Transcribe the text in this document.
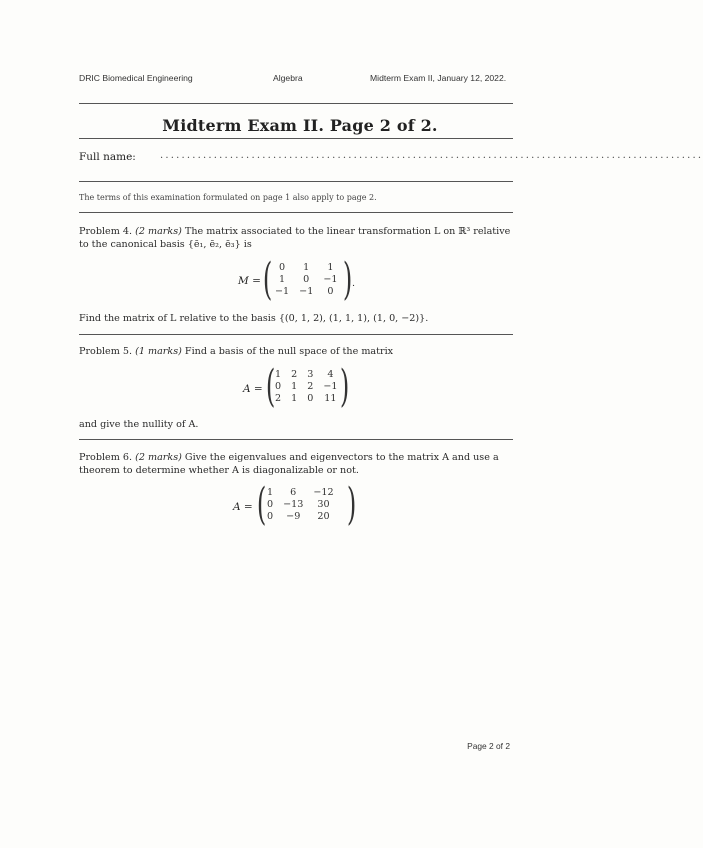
DRIC Biomedical Engineering	Algebra	Midterm Exam II, January 12, 2022.
Midterm Exam II. Page 2 of 2.
Full name: .....................................................................................................
The terms of this examination formulated on page 1 also apply to page 2.
Problem 4. (2 marks) The matrix associated to the linear transformation L on ℝ³ relative
to the canonical basis {ē₁, ē₂, ē₃} is
M = ( 0	1	1
1	0	−1
−1	−1	0 ) .
Find the matrix of L relative to the basis {(0, 1, 2), (1, 1, 1), (1, 0, −2)}.
Problem 5. (1 marks) Find a basis of the null space of the matrix
A = ( 1	2	3	4
0	1	2	−1
2	1	0	11 )
and give the nullity of A.
Problem 6. (2 marks) Give the eigenvalues and eigenvectors to the matrix A and use a
theorem to determine whether A is diagonalizable or not.
A = ( 1	6	−12
0	−13	30
0	−9	20 )
Page 2 of 2
